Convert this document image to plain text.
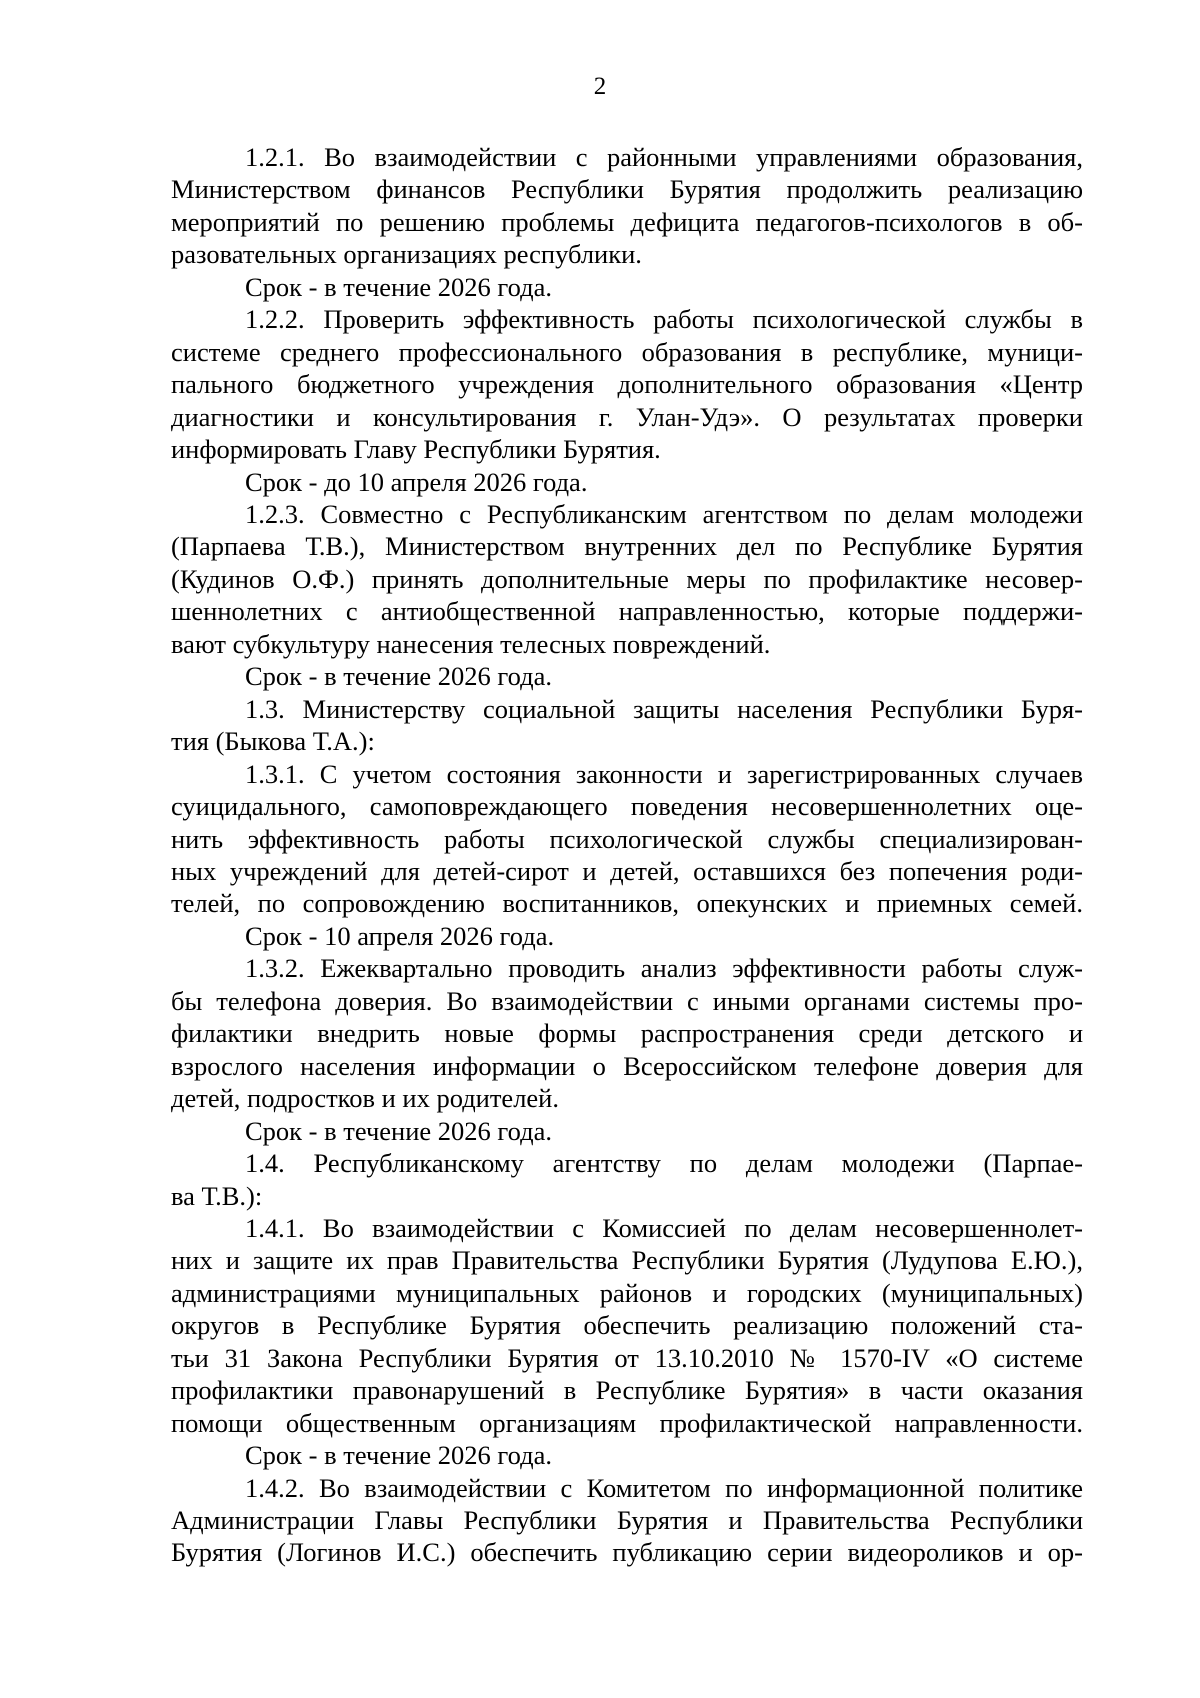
2
1.2.1. Во взаимодействии с районными управлениями образования,
Министерством финансов Республики Бурятия продолжить реализацию
мероприятий по решению проблемы дефицита педагогов-психологов в об-
разовательных организациях республики.
Срок - в течение 2026 года.
1.2.2. Проверить эффективность работы психологической службы в
системе среднего профессионального образования в республике, муници-
пального бюджетного учреждения дополнительного образования «Центр
диагностики и консультирования г. Улан-Удэ». О результатах проверки
информировать Главу Республики Бурятия.
Срок - до 10 апреля 2026 года.
1.2.3. Совместно с Республиканским агентством по делам молодежи
(Парпаева Т.В.), Министерством внутренних дел по Республике Бурятия
(Кудинов О.Ф.) принять дополнительные меры по профилактике несовер-
шеннолетних с антиобщественной направленностью, которые поддержи-
вают субкультуру нанесения телесных повреждений.
Срок - в течение 2026 года.
1.3. Министерству социальной защиты населения Республики Буря-
тия (Быкова Т.А.):
1.3.1. С учетом состояния законности и зарегистрированных случаев
суицидального, самоповреждающего поведения несовершеннолетних оце-
нить эффективность работы психологической службы специализирован-
ных учреждений для детей-сирот и детей, оставшихся без попечения роди-
телей, по сопровождению воспитанников, опекунских и приемных семей.
Срок - 10 апреля 2026 года.
1.3.2. Ежеквартально проводить анализ эффективности работы служ-
бы телефона доверия. Во взаимодействии с иными органами системы про-
филактики внедрить новые формы распространения среди детского и
взрослого населения информации о Всероссийском телефоне доверия для
детей, подростков и их родителей.
Срок - в течение 2026 года.
1.4. Республиканскому агентству по делам молодежи (Парпае-
ва Т.В.):
1.4.1. Во взаимодействии с Комиссией по делам несовершеннолет-
них и защите их прав Правительства Республики Бурятия (Лудупова Е.Ю.),
администрациями муниципальных районов и городских (муниципальных)
округов в Республике Бурятия обеспечить реализацию положений ста-
тьи 31 Закона Республики Бурятия от 13.10.2010 № 1570-IV «О системе
профилактики правонарушений в Республике Бурятия» в части оказания
помощи общественным организациям профилактической направленности.
Срок - в течение 2026 года.
1.4.2. Во взаимодействии с Комитетом по информационной политике
Администрации Главы Республики Бурятия и Правительства Республики
Бурятия (Логинов И.С.) обеспечить публикацию серии видеороликов и ор-
